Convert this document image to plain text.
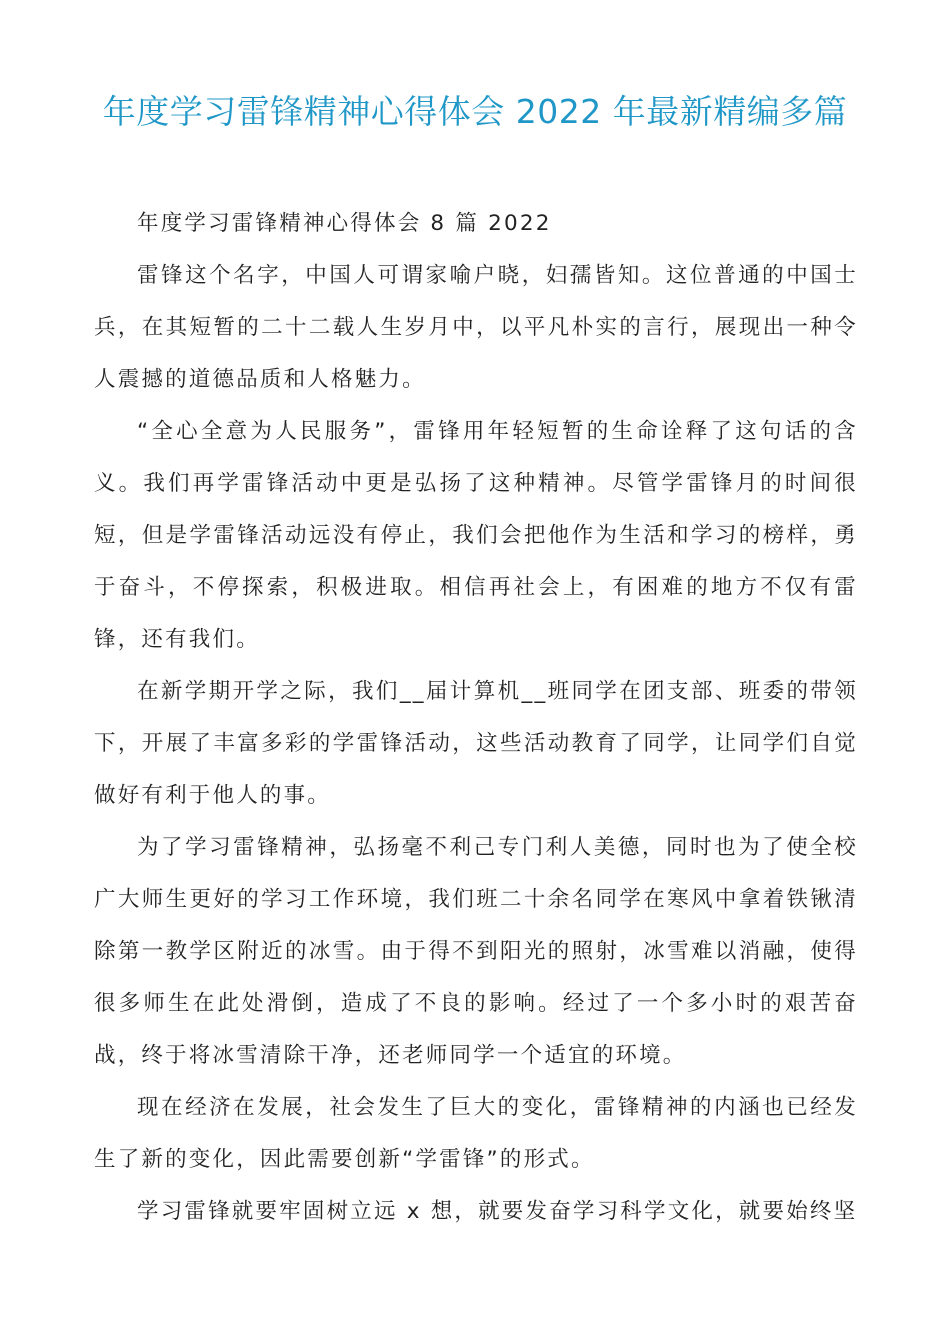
年度学习雷锋精神心得体会 2022 年最新精编多篇

年度学习雷锋精神心得体会 8 篇 2022

雷锋这个名字，中国人可谓家喻户晓，妇孺皆知。这位普通的中国士兵，在其短暂的二十二载人生岁月中，以平凡朴实的言行，展现出一种令人震撼的道德品质和人格魅力。

“全心全意为人民服务”，雷锋用年轻短暂的生命诠释了这句话的含义。我们再学雷锋活动中更是弘扬了这种精神。尽管学雷锋月的时间很短，但是学雷锋活动远没有停止，我们会把他作为生活和学习的榜样，勇于奋斗，不停探索，积极进取。相信再社会上，有困难的地方不仅有雷锋，还有我们。

在新学期开学之际，我们__届计算机__班同学在团支部、班委的带领下，开展了丰富多彩的学雷锋活动，这些活动教育了同学，让同学们自觉做好有利于他人的事。

为了学习雷锋精神，弘扬毫不利己专门利人美德，同时也为了使全校广大师生更好的学习工作环境，我们班二十余名同学在寒风中拿着铁锹清除第一教学区附近的冰雪。由于得不到阳光的照射，冰雪难以消融，使得很多师生在此处滑倒，造成了不良的影响。经过了一个多小时的艰苦奋战，终于将冰雪清除干净，还老师同学一个适宜的环境。

现在经济在发展，社会发生了巨大的变化，雷锋精神的内涵也已经发生了新的变化，因此需要创新“学雷锋”的形式。

学习雷锋就要牢固树立远 x 想，就要发奋学习科学文化，就要始终坚
